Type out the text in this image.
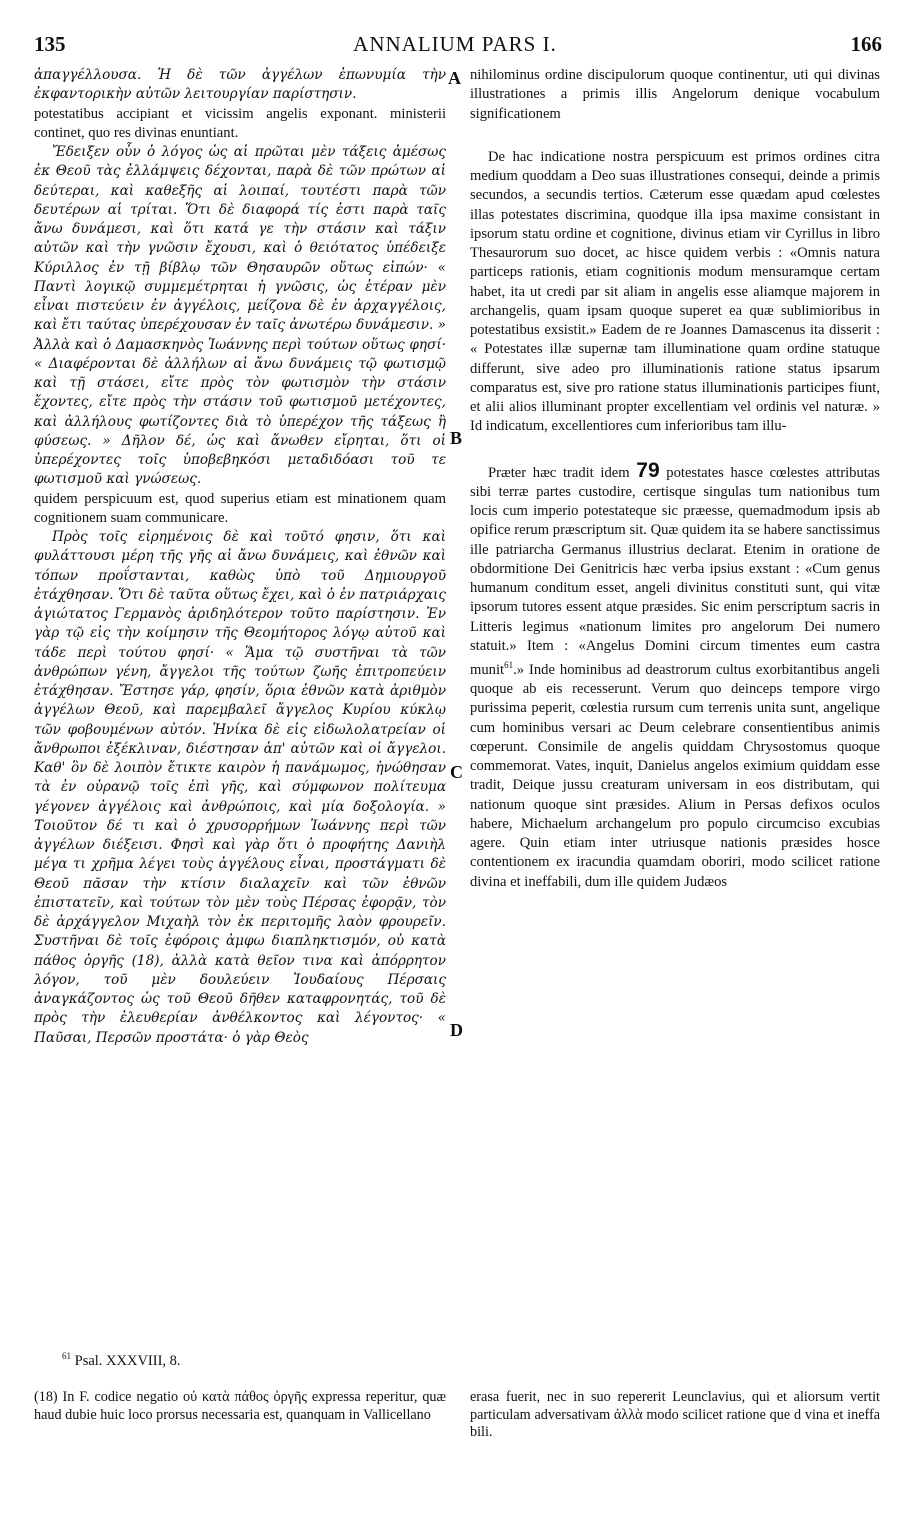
135	ANNALIUM PARS I.	166
A
B
C
D

ἀπαγγέλλουσα. Ἡ δὲ τῶν ἀγγέλων ἐπωνυμία τὴν ἐκφαντορικὴν αὐτῶν λειτουργίαν παρίστησιν.

potestatibus accipiant et vicissim angelis exponant. ministerii continet, quo res divinas enuntiant.

Ἔδειξεν οὖν ὁ λόγος ὡς αἱ πρῶται μὲν τάξεις ἀμέσως ἐκ Θεοῦ τὰς ἐλλάμψεις δέχονται, παρὰ δὲ τῶν πρώτων αἱ δεύτεραι, καὶ καθεξῆς αἱ λοιπαί, τουτέστι παρὰ τῶν δευτέρων αἱ τρίται. Ὅτι δὲ διαφορά τίς ἐστι παρὰ ταῖς ἄνω δυνάμεσι, καὶ ὅτι κατά γε τὴν στάσιν καὶ τάξιν αὐτῶν καὶ τὴν γνῶσιν ἔχουσι, καὶ ὁ θειότατος ὑπέδειξε Κύριλλος ἐν τῇ βίβλῳ τῶν Θησαυρῶν οὕτως εἰπών· « Παντὶ λογικῷ συμμεμέτρηται ἡ γνῶσις, ὡς ἑτέραν μὲν εἶναι πιστεύειν ἐν ἀγγέλοις, μείζονα δὲ ἐν ἀρχαγγέλοις, καὶ ἔτι ταύτας ὑπερέχουσαν ἐν ταῖς ἀνωτέρω δυνάμεσιν. » Ἀλλὰ καὶ ὁ Δαμασκηνὸς Ἰωάννης περὶ τούτων οὕτως φησί· « Διαφέρονται δὲ ἀλλήλων αἱ ἄνω δυνάμεις τῷ φωτισμῷ καὶ τῇ στάσει, εἴτε πρὸς τὸν φωτισμὸν τὴν στάσιν ἔχοντες, εἴτε πρὸς τὴν στάσιν τοῦ φωτισμοῦ μετέχοντες, καὶ ἀλλήλους φωτίζοντες διὰ τὸ ὑπερέχον τῆς τάξεως ἢ φύσεως. » Δῆλον δέ, ὡς καὶ ἄνωθεν εἴρηται, ὅτι οἱ ὑπερέχοντες τοῖς ὑποβεβηκόσι μεταδιδόασι τοῦ τε φωτισμοῦ καὶ γνώσεως.

quidem perspicuum est, quod superius etiam est minationem quam cognitionem suam communicare.

Πρὸς τοῖς εἰρημένοις δὲ καὶ τοῦτό φησιν, ὅτι καὶ φυλάττουσι μέρη τῆς γῆς αἱ ἄνω δυνάμεις, καὶ ἐθνῶν καὶ τόπων προΐστανται, καθὼς ὑπὸ τοῦ Δημιουργοῦ ἐτάχθησαν. Ὅτι δὲ ταῦτα οὕτως ἔχει, καὶ ὁ ἐν πατριάρχαις ἁγιώτατος Γερμανὸς ἀριδηλότερον τοῦτο παρίστησιν. Ἐν γὰρ τῷ εἰς τὴν κοίμησιν τῆς Θεομήτορος λόγῳ αὐτοῦ καὶ τάδε περὶ τούτου φησί· « Ἅμα τῷ συστῆναι τὰ τῶν ἀνθρώπων γένη, ἄγγελοι τῆς τούτων ζωῆς ἐπιτροπεύειν ἐτάχθησαν. Ἔστησε γάρ, φησίν, ὅρια ἐθνῶν κατὰ ἀριθμὸν ἀγγέλων Θεοῦ, καὶ παρεμβαλεῖ ἄγγελος Κυρίου κύκλῳ τῶν φοβουμένων αὐτόν. Ἡνίκα δὲ εἰς εἰδωλολατρείαν οἱ ἄνθρωποι ἐξέκλιναν, διέστησαν ἀπ' αὐτῶν καὶ οἱ ἄγγελοι. Καθ' ὃν δὲ λοιπὸν ἔτικτε καιρὸν ἡ πανάμωμος, ἡνώθησαν τὰ ἐν οὐρανῷ τοῖς ἐπὶ γῆς, καὶ σύμφωνον πολίτευμα γέγονεν ἀγγέλοις καὶ ἀνθρώποις, καὶ μία δοξολογία. » Τοιοῦτον δέ τι καὶ ὁ χρυσορρήμων Ἰωάννης περὶ τῶν ἀγγέλων διέξεισι. Φησὶ καὶ γὰρ ὅτι ὁ προφήτης Δανιὴλ μέγα τι χρῆμα λέγει τοὺς ἀγγέλους εἶναι, προστάγματι δὲ Θεοῦ πᾶσαν τὴν κτίσιν διαλαχεῖν καὶ τῶν ἐθνῶν ἐπιστατεῖν, καὶ τούτων τὸν μὲν τοὺς Πέρσας ἐφορᾷν, τὸν δὲ ἀρχάγγελον Μιχαὴλ τὸν ἐκ περιτομῆς λαὸν φρουρεῖν. Συστῆναι δὲ τοῖς ἐφόροις ἀμφω διαπληκτισμόν, οὐ κατὰ πάθος ὀργῆς (18), ἀλλὰ κατὰ θεῖον τινα καὶ ἀπόρρητον λόγον, τοῦ μὲν δουλεύειν Ἰουδαίους Πέρσαις ἀναγκάζοντος ὡς τοῦ Θεοῦ δῆθεν καταφρονητάς, τοῦ δὲ πρὸς τὴν ἐλευθερίαν ἀνθέλκοντος καὶ λέγοντος· « Παῦσαι, Περσῶν προστάτα· ὁ γὰρ Θεὸς

nihilominus ordine discipulorum quoque continentur, uti qui divinas illustrationes a primis illis Angelorum denique vocabulum significationem

De hac indicatione nostra perspicuum est primos ordines citra medium quoddam a Deo suas illustrationes consequi, deinde a primis secundos, a secundis tertios. Cæterum esse quædam apud cœlestes illas potestates discrimina, quodque illa ipsa maxime consistant in ipsorum statu ordine et cognitione, divinus etiam vir Cyrillus in libro Thesaurorum suo docet, ac hisce quidem verbis : «Omnis natura particeps rationis, etiam cognitionis modum mensuramque certam habet, ita ut credi par sit aliam in angelis esse aliamque majorem in archangelis, quam ipsam quoque superet ea quæ sublimioribus in potestatibus exsistit.» Eadem de re Joannes Damascenus ita disserit : « Potestates illæ supernæ tam illuminatione quam ordine statuque differunt, sive adeo pro illuminationis ratione status ipsarum comparatus est, sive pro ratione status illuminationis participes fiunt, et alii alios illuminant propter excellentiam vel ordinis vel naturæ. » Id indicatum, excellentiores cum inferioribus tam illu-

Præter hæc tradit idem 79 potestates hasce cœlestes attributas sibi terræ partes custodire, certisque singulas tum nationibus tum locis cum imperio potestateque sic præesse, quemadmodum ipsis ab opifice rerum præscriptum sit. Quæ quidem ita se habere sanctissimus ille patriarcha Germanus illustrius declarat. Etenim in oratione de obdormitione Dei Genitricis hæc verba ipsius exstant : «Cum genus humanum conditum esset, angeli divinitus constituti sunt, qui vitæ ipsorum tutores essent atque præsides. Sic enim perscriptum sacris in Litteris legimus «nationum limites pro angelorum Dei numero statuit.» Item : «Angelus Domini circum timentes eum castra munit$^{61}$.» Inde hominibus ad deastrorum cultus exorbitantibus angeli quoque ab eis recesserunt. Verum quo deinceps tempore virgo purissima peperit, cœlestia rursum cum terrenis unita sunt, angelique cum hominibus versari ac Deum celebrare consentientibus animis cœperunt. Consimile de angelis quiddam Chrysostomus quoque commemorat. Vates, inquit, Danielus angelos eximium quiddam esse tradit, Deique jussu creaturam universam in eos distributam, qui nationum quoque sint præsides. Alium in Persas defixos oculos habere, Michaelum archangelum pro populo circumciso excubias agere. Quin etiam inter utriusque nationis præsides hosce contentionem ex iracundia quamdam oboriri, modo scilicet ratione divina et ineffabili, dum ille quidem Judæos

$^{61}$ Psal. XXXVIII, 8.

(18) In F. codice negatio οὐ κατὰ πάθος ὀργῆς expressa reperitur, quæ haud dubie huic loco prorsus necessaria est, quanquam in Vallicellano

erasa fuerit, nec in suo repererit Leunclavius, qui et aliorsum vertit particulam adversativam ἀλλὰ modo scilicet ratione que d vina et ineffa bili.
